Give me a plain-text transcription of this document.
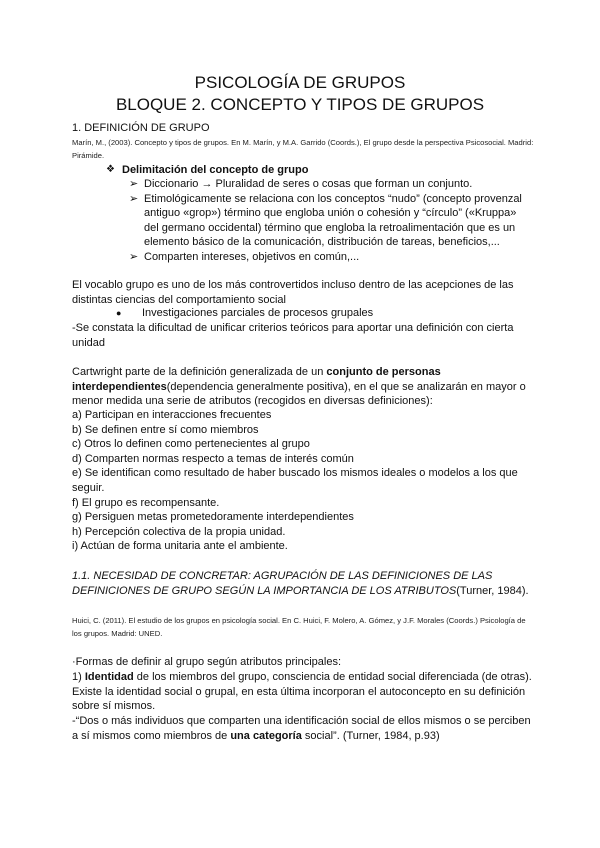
PSICOLOGÍA DE GRUPOS

BLOQUE 2. CONCEPTO Y TIPOS DE GRUPOS

1. DEFINICIÓN DE GRUPO

Marín, M., (2003). Concepto y tipos de grupos. En M. Marín, y M.A. Garrido (Coords.), El grupo desde la perspectiva Psicosocial. Madrid: Pirámide.

❖ Delimitación del concepto de grupo
➢ Diccionario → Pluralidad de seres o cosas que forman un conjunto.
➢ Etimológicamente se relaciona con los conceptos “nudo” (concepto provenzal antiguo «grop») término que engloba unión o cohesión y “círculo” («Kruppa» del germano occidental) término que engloba la retroalimentación que es un elemento básico de la comunicación, distribución de tareas, beneficios,...
➢ Comparten intereses, objetivos en común,...

El vocablo grupo es uno de los más controvertidos incluso dentro de las acepciones de las distintas ciencias del comportamiento social

●	Investigaciones parciales de procesos grupales

-Se constata la dificultad de unificar criterios teóricos para aportar una definición con cierta unidad

Cartwright parte de la definición generalizada de un conjunto de personas interdependientes(dependencia generalmente positiva), en el que se analizarán en mayor o menor medida una serie de atributos (recogidos en diversas definiciones):

a) Participan en interacciones frecuentes

b) Se definen entre sí como miembros

c) Otros lo definen como pertenecientes al grupo

d) Comparten normas respecto a temas de interés común

e) Se identifican como resultado de haber buscado los mismos ideales o modelos a los que seguir.

f) El grupo es recompensante.

g) Persiguen metas prometedoramente interdependientes

h) Percepción colectiva de la propia unidad.

i) Actúan de forma unitaria ante el ambiente.

1.1. NECESIDAD DE CONCRETAR: AGRUPACIÓN DE LAS DEFINICIONES DE LAS DEFINICIONES DE GRUPO SEGÚN LA IMPORTANCIA DE LOS ATRIBUTOS(Turner, 1984).

Huici, C. (2011). El estudio de los grupos en psicología social. En C. Huici, F. Molero, A. Gómez, y J.F. Morales (Coords.) Psicología de los grupos. Madrid: UNED.

·Formas de definir al grupo según atributos principales:

1) Identidad de los miembros del grupo, consciencia de entidad social diferenciada (de otras). Existe la identidad social o grupal, en esta última incorporan el autoconcepto en su definición sobre sí mismos.

-“Dos o más individuos que comparten una identificación social de ellos mismos o se perciben a sí mismos como miembros de una categoría social”. (Turner, 1984, p.93)
